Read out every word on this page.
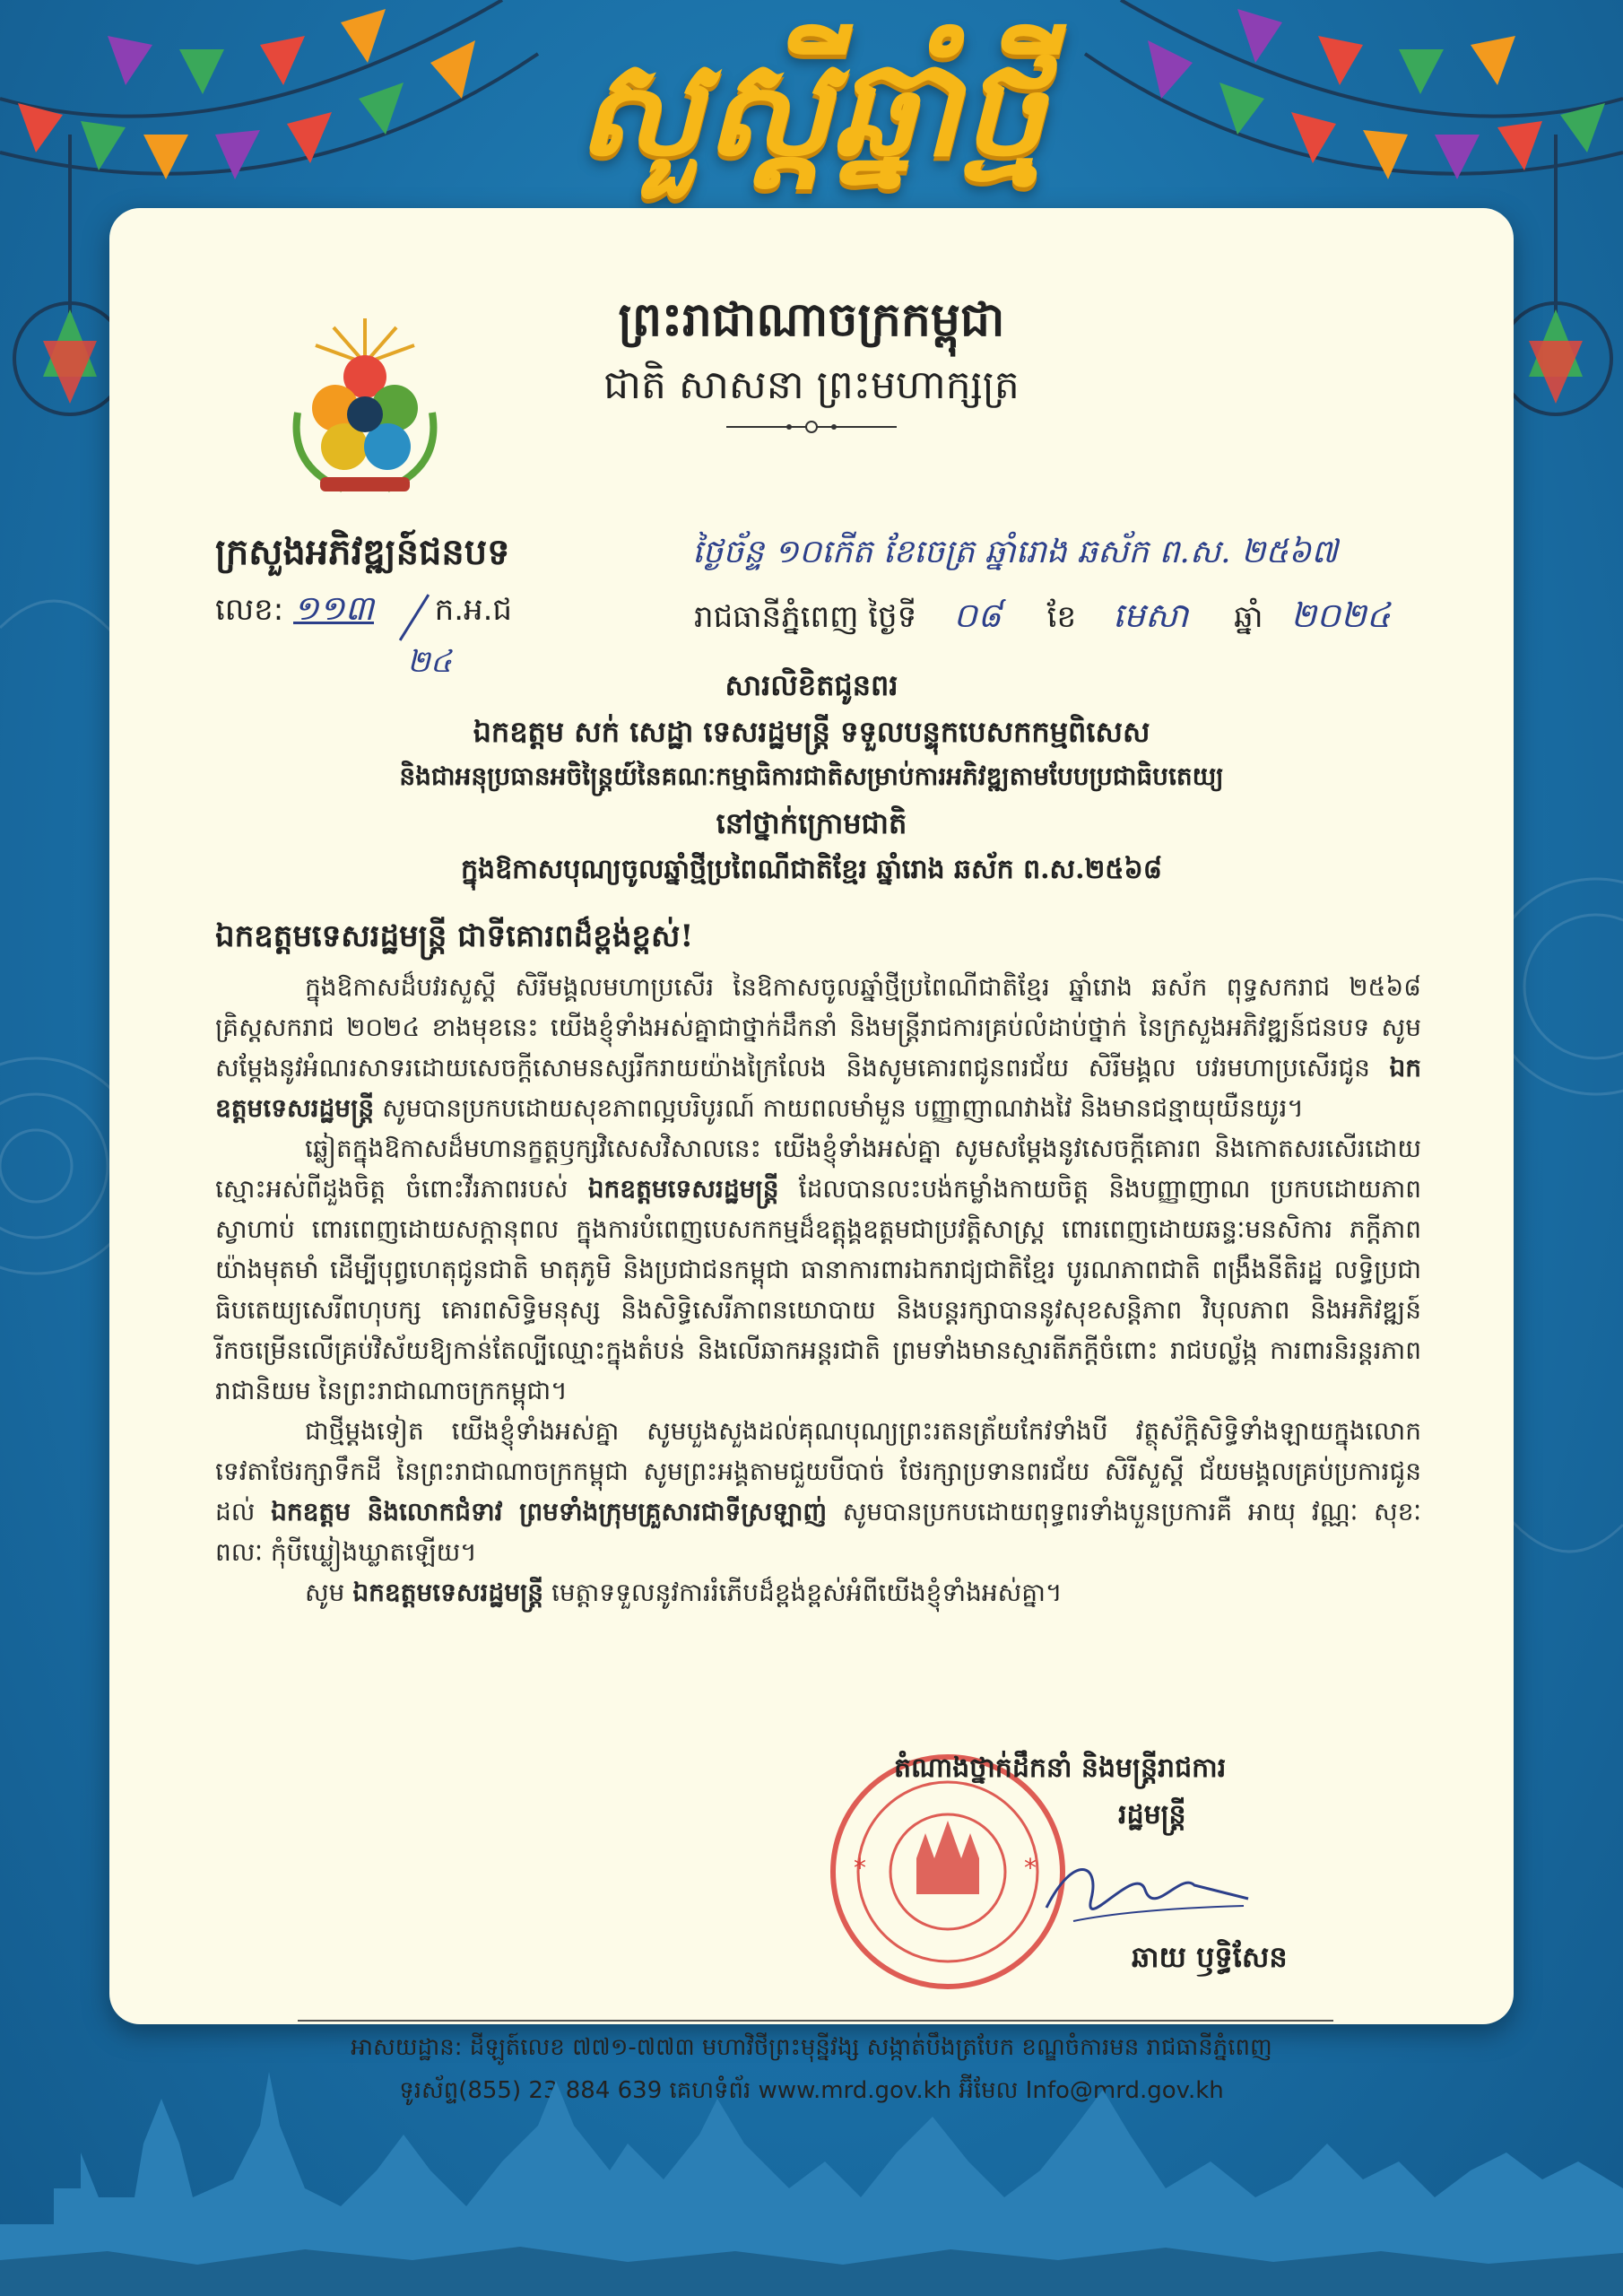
សួស្តីឆ្នាំថ្មី
ព្រះរាជាណាចក្រកម្ពុជា
ជាតិ សាសនា ព្រះមហាក្សត្រ
ក្រសួងអភិវឌ្ឍន៍ជនបទ
លេខ: ១១៣ ក.អ.ជ
២៤
ថ្ងៃច័ន្ទ ១០កើត ខែចេត្រ ឆ្នាំរោង ឆស័ក ព.ស. ២៥៦៧
រាជធានីភ្នំពេញ ថ្ងៃទី ០៨ ខែ មេសា ឆ្នាំ ២០២៤
សារលិខិតជូនពរ
ឯកឧត្តម សក់ សេដ្ឋា ទេសរដ្ឋមន្ត្រី ទទួលបន្ទុកបេសកកម្មពិសេស
និងជាអនុប្រធានអចិន្ត្រៃយ៍នៃគណៈកម្មាធិការជាតិសម្រាប់ការអភិវឌ្ឍតាមបែបប្រជាធិបតេយ្យ
នៅថ្នាក់ក្រោមជាតិ
ក្នុងឱកាសបុណ្យចូលឆ្នាំថ្មីប្រពៃណីជាតិខ្មែរ ឆ្នាំរោង ឆស័ក ព.ស.២៥៦៨
ឯកឧត្តមទេសរដ្ឋមន្ត្រី ជាទីគោរពដ៏ខ្ពង់ខ្ពស់!

ក្នុងឱកាសដ៏បវរសួស្តី សិរីមង្គលមហាប្រសើរ នៃឱកាសចូលឆ្នាំថ្មីប្រពៃណីជាតិខ្មែរ ឆ្នាំរោង ឆស័ក ពុទ្ធសករាជ ២៥៦៨ គ្រិស្តសករាជ ២០២៤ ខាងមុខនេះ យើងខ្ញុំទាំងអស់គ្នាជាថ្នាក់ដឹកនាំ និងមន្ត្រីរាជការគ្រប់លំដាប់ថ្នាក់ នៃក្រសួងអភិវឌ្ឍន៍ជនបទ សូមសម្តែងនូវអំណរសាទរដោយសេចក្តីសោមនស្សរីករាយយ៉ាងក្រៃលែង និងសូមគោរពជូនពរជ័យ សិរីមង្គល បវរមហាប្រសើរជូន ឯកឧត្តមទេសរដ្ឋមន្ត្រី សូមបានប្រកបដោយសុខភាពល្អបរិបូរណ៍ កាយពលមាំមួន បញ្ញាញាណវាងវៃ និងមានជន្មាយុយឺនយូរ។

ឆ្លៀតក្នុងឱកាសដ៏មហានក្ខត្តឫក្សវិសេសវិសាលនេះ យើងខ្ញុំទាំងអស់គ្នា សូមសម្តែងនូវសេចក្តីគោរព និងកោតសរសើរដោយស្មោះអស់ពីដួងចិត្ត ចំពោះវីរភាពរបស់ ឯកឧត្តមទេសរដ្ឋមន្ត្រី ដែលបានលះបង់កម្លាំងកាយចិត្ត និងបញ្ញាញាណ ប្រកបដោយភាពស្វាហាប់ ពោរពេញដោយសក្តានុពល ក្នុងការបំពេញបេសកកម្មដ៏ឧត្តុង្គឧត្តមជាប្រវត្តិសាស្ត្រ ពោរពេញដោយឆន្ទៈមនសិការ ភក្តីភាពយ៉ាងមុតមាំ ដើម្បីបុព្វហេតុជូនជាតិ មាតុភូមិ និងប្រជាជនកម្ពុជា ធានាការពារឯករាជ្យជាតិខ្មែរ បូរណភាពជាតិ ពង្រឹងនីតិរដ្ឋ លទ្ធិប្រជាធិបតេយ្យសេរីពហុបក្ស គោរពសិទ្ធិមនុស្ស និងសិទ្ធិសេរីភាពនយោបាយ និងបន្តរក្សាបាននូវសុខសន្តិភាព វិបុលភាព និងអភិវឌ្ឍន៍រីកចម្រើនលើគ្រប់វិស័យឱ្យកាន់តែល្បីឈ្មោះក្នុងតំបន់ និងលើឆាកអន្តរជាតិ ព្រមទាំងមានស្មារតីភក្តីចំពោះ រាជបល្ល័ង្ក ការពារនិរន្តរភាពរាជានិយម នៃព្រះរាជាណាចក្រកម្ពុជា។

ជាថ្មីម្តងទៀត យើងខ្ញុំទាំងអស់គ្នា សូមបួងសួងដល់គុណបុណ្យព្រះរតនត្រ័យកែវទាំងបី វត្ថុស័ក្តិសិទ្ធិទាំងឡាយក្នុងលោក ទេវតាថែរក្សាទឹកដី នៃព្រះរាជាណាចក្រកម្ពុជា សូមព្រះអង្គតាមជួយបីបាច់ ថែរក្សាប្រទានពរជ័យ សិរីសួស្តី ជ័យមង្គលគ្រប់ប្រការជូនដល់ ឯកឧត្តម និងលោកជំទាវ ព្រមទាំងក្រុមគ្រួសារជាទីស្រឡាញ់ សូមបានប្រកបដោយពុទ្ធពរទាំងបួនប្រការគឺ អាយុ វណ្ណៈ សុខៈ ពលៈ កុំបីឃ្លៀងឃ្លាតឡើយ។

សូម ឯកឧត្តមទេសរដ្ឋមន្ត្រី មេត្តាទទួលនូវការរំភើបដ៏ខ្ពង់ខ្ពស់អំពីយើងខ្ញុំទាំងអស់គ្នា។

*	*
តំណាងថ្នាក់ដឹកនាំ និងមន្ត្រីរាជការ
រដ្ឋមន្ត្រី
ឆាយ ឫទ្ធិសែន
អាសយដ្ឋាន: ដីឡូត៍លេខ ៧៧១-៧៧៣ មហាវិថីព្រះមុន្នីវង្ស សង្កាត់បឹងត្របែក ខណ្ឌចំការមន រាជធានីភ្នំពេញ
ទូរស័ព្ទ(855) 23 884 639 គេហទំព័រ www.mrd.gov.kh អ៊ីមែល Info@mrd.gov.kh
